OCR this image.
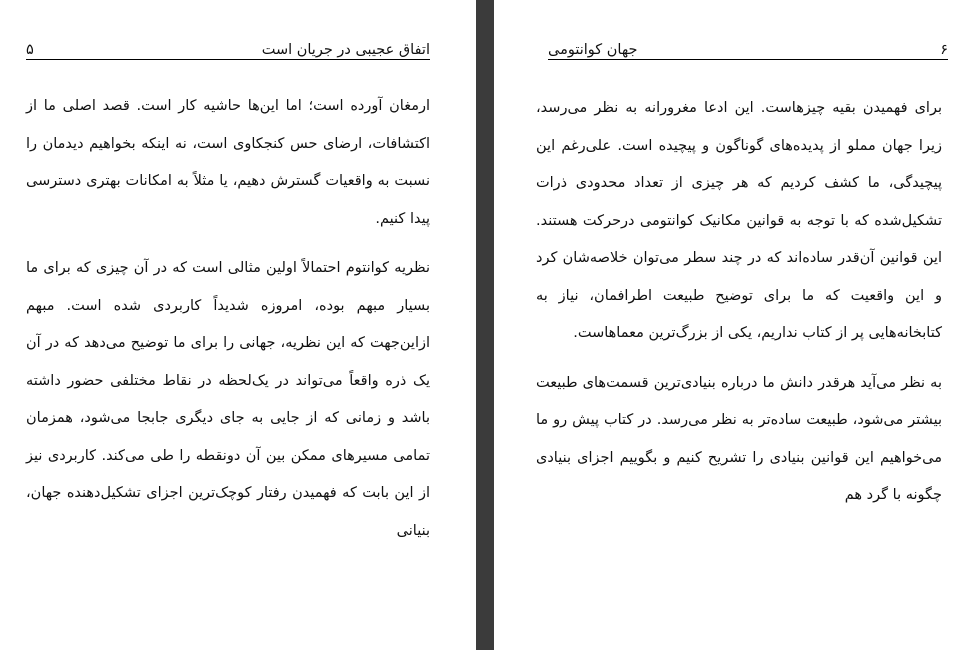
اتفاق عجیبی در جریان است
۵

ارمغان آورده است؛ اما این‌ها حاشیه کار است. قصد اصلی ما از اکتشافات، ارضای حس کنجکاوی است، نه اینکه بخواهیم دیدمان را نسبت به واقعیات گسترش دهیم، یا مثلاً به امکانات بهتری دسترسی پیدا کنیم.

نظریه کوانتوم احتمالاً اولین مثالی است که در آن چیزی که برای ما بسیار مبهم بوده، امروزه شدیداً کاربردی شده است. مبهم ازاین‌جهت که این نظریه، جهانی را برای ما توضیح می‌دهد که در آن یک ذره واقعاً می‌تواند در یک‌لحظه در نقاط مختلفی حضور داشته باشد و زمانی که از جایی به جای دیگری جابجا می‌شود، همزمان تمامی مسیرهای ممکن بین آن دونقطه را طی می‌کند. کاربردی نیز از این بابت که فهمیدن رفتار کوچک‌ترین اجزای تشکیل‌دهنده جهان، بنیانی

۶
جهان کوانتومی

برای فهمیدن بقیه چیزهاست. این ادعا مغرورانه به نظر می‌رسد، زیرا جهان مملو از پدیده‌های گوناگون و پیچیده است. علی‌رغم این پیچیدگی، ما کشف کردیم که هر چیزی از تعداد محدودی ذرات تشکیل‌شده که با توجه به قوانین مکانیک کوانتومی درحرکت هستند. این قوانین آن‌قدر ساده‌اند که در چند سطر می‌توان خلاصه‌شان کرد و این واقعیت که ما برای توضیح طبیعت اطرافمان، نیاز به کتابخانه‌هایی پر از کتاب نداریم، یکی از بزرگ‌ترین معماهاست.

به نظر می‌آید هرقدر دانش ما درباره بنیادی‌ترین قسمت‌های طبیعت بیشتر می‌شود، طبیعت ساده‌تر به نظر می‌رسد. در کتاب پیش رو ما می‌خواهیم این قوانین بنیادی را تشریح کنیم و بگوییم اجزای بنیادی چگونه با گرد هم
